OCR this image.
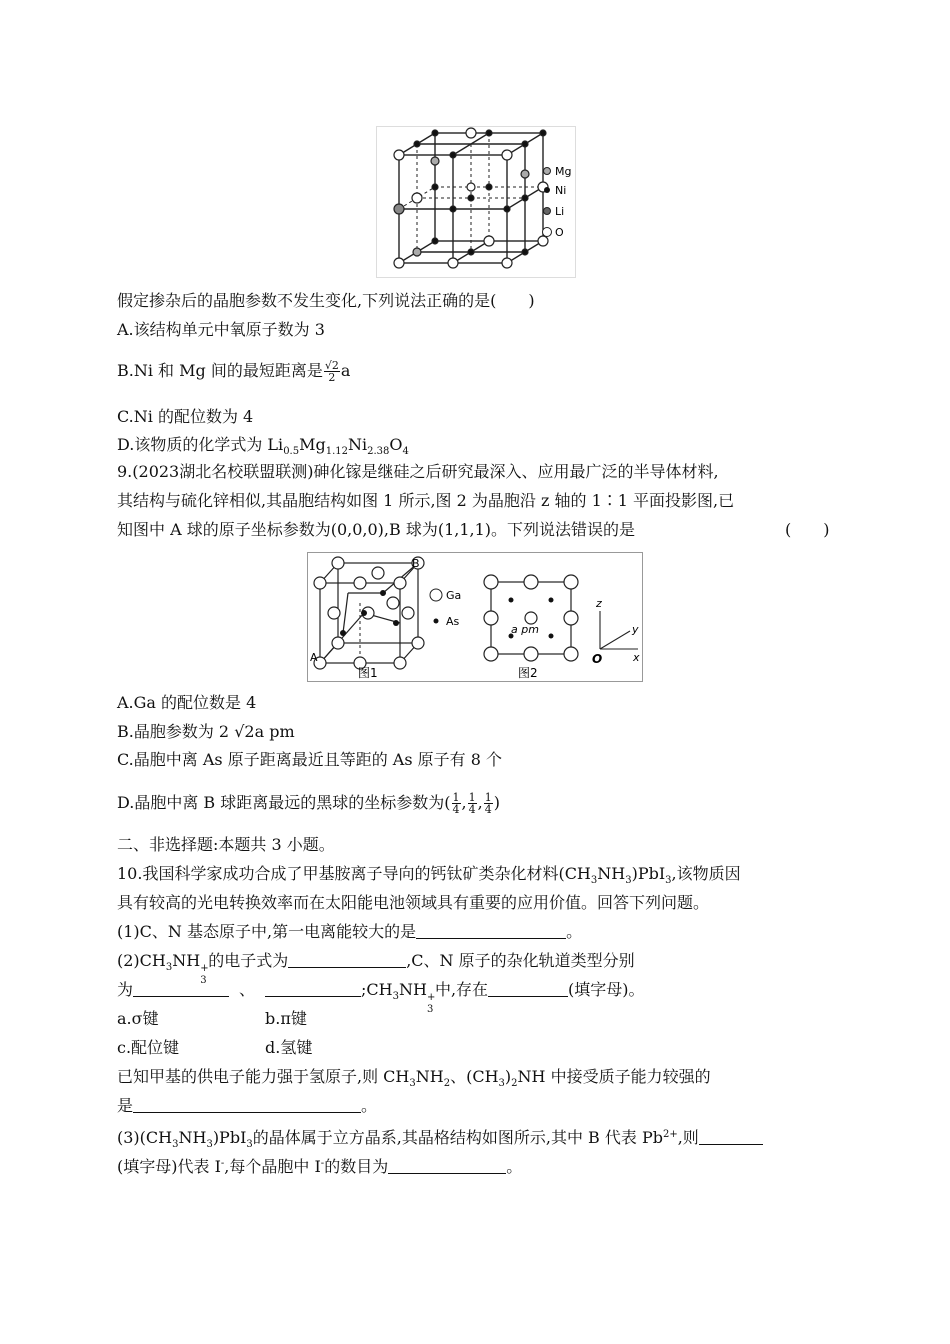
Mg
Ni
Li
O
假定掺杂后的晶胞参数不发生变化,下列说法正确的是(　　)
A.该结构单元中氧原子数为 3
B.Ni 和 Mg 间的最短距离是 $\frac{√2}{2}$ a
C.Ni 的配位数为 4
D.该物质的化学式为 $Li_{0.5}Mg_{1.12}Ni_{2.38}O_4$
9.(2023湖北名校联盟联测)砷化镓是继硅之后研究最深入、应用最广泛的半导体材料,
其结构与硫化锌相似,其晶胞结构如图 1 所示,图 2 为晶胞沿 z 轴的 1∶1 平面投影图,已
知图中 A 球的原子坐标参数为(0,0,0),B 球为(1,1,1)。下列说法错误的是	(　　)
A
B
Ga
As
图1
a pm
图2
z
y
x
O
A.Ga 的配位数是 4
B.晶胞参数为 2 √2a pm
C.晶胞中离 As 原子距离最近且等距的 As 原子有 8 个
D.晶胞中离 B 球距离最远的黑球的坐标参数为( $\frac{1}{4}$ , $\frac{1}{4}$ , $\frac{1}{4}$ )
二、非选择题:本题共 3 小题。
10.我国科学家成功合成了甲基胺离子导向的钙钛矿类杂化材料$(CH_3NH_3)PbI_3$,该物质因
具有较高的光电转换效率而在太阳能电池领域具有重要的应用价值。回答下列问题。
(1)C、N 基态原子中,第一电离能较大的是	。
$(2)CH_3NH$ +
3
的电子式为	,C、N 原子的杂化轨道类型分别
为	、	$;CH_3NH$ +
3
中,存在	(填字母)。
a.σ键	b.π键
c.配位键	d.氢键
已知甲基的供电子能力强于氢原子,则 $CH_3NH_2$、$(CH_3)_2NH$ 中接受质子能力较强的
是	。
$(3)(CH_3NH_3)PbI_3$的晶体属于立方晶系,其晶格结构如图所示,其中 B 代表 $Pb^{2+}$,则
(填字母)代表 I-,每个晶胞中 I-的数目为	。
